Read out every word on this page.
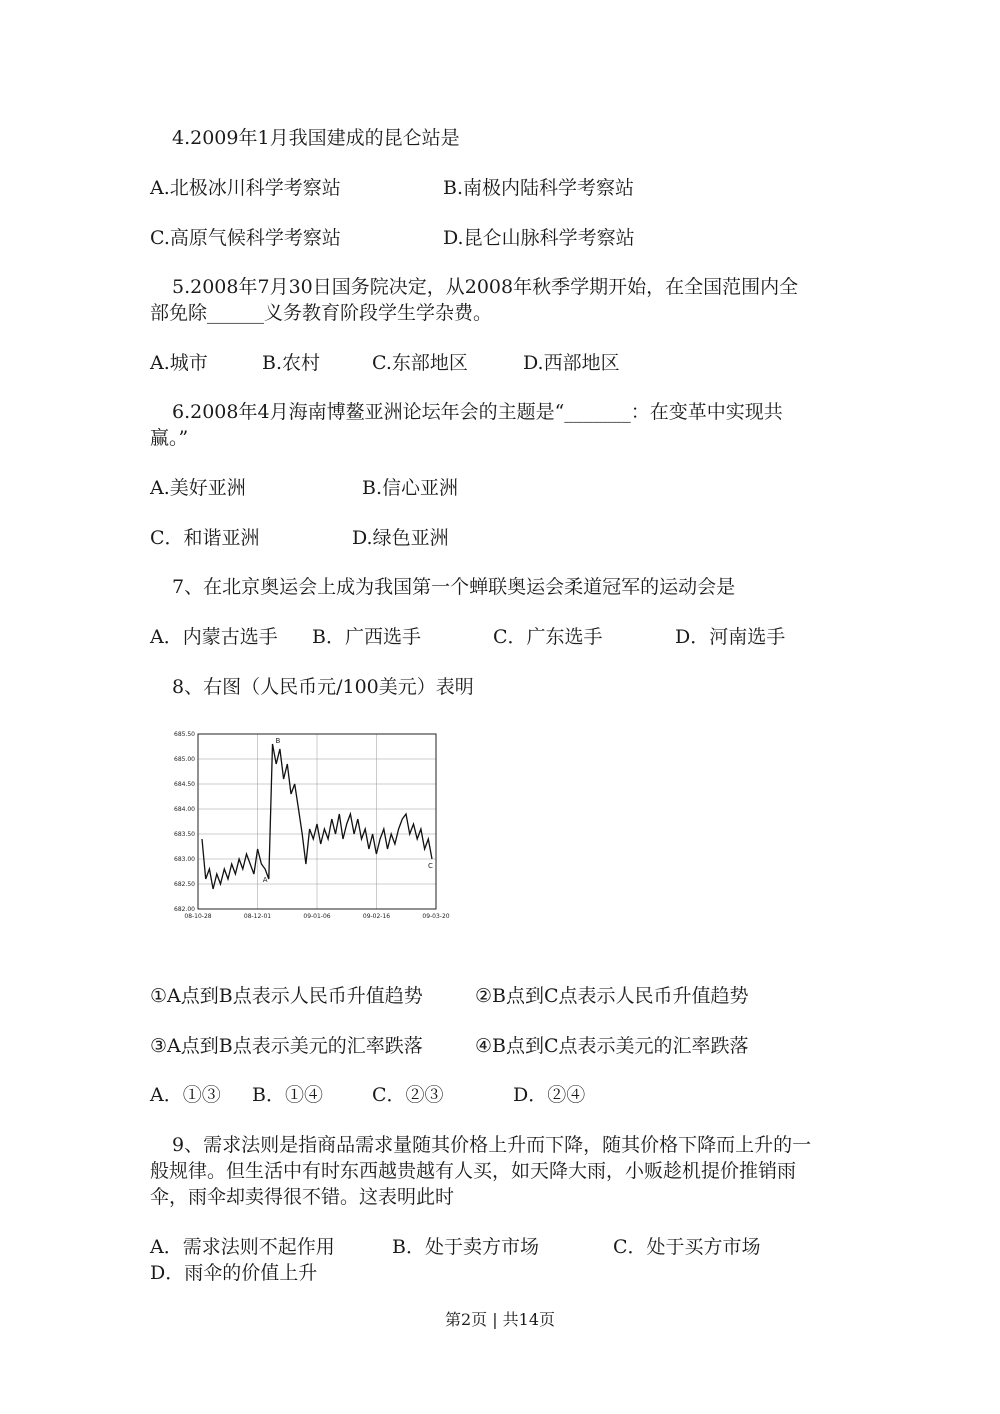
4.2009年1月我国建成的昆仑站是
A.北极冰川科学考察站	B.南极内陆科学考察站
C.高原气候科学考察站	D.昆仑山脉科学考察站
5.2008年7月30日国务院决定，从2008年秋季学期开始，在全国范围内全
部免除______义务教育阶段学生学杂费。
A.城市	B.农村	C.东部地区	D.西部地区
6.2008年4月海南博鳌亚洲论坛年会的主题是“_______：在变革中实现共
赢。”
A.美好亚洲	B.信心亚洲
C．和谐亚洲	D.绿色亚洲
7、在北京奥运会上成为我国第一个蝉联奥运会柔道冠军的运动会是
A．内蒙古选手 B．广西选手	C．广东选手	D．河南选手
8、右图（人民币元/100美元）表明
682.00
682.50
683.00
683.50
684.00
684.50
685.00
685.50
08-10-28	08-12-01	09-01-06	09-02-16	09-03-20
A
B
C
①A点到B点表示人民币升值趋势	②B点到C点表示人民币升值趋势
③A点到B点表示美元的汇率跌落	④B点到C点表示美元的汇率跌落
A．①③ B．①④	C．②③	D．②④
9、需求法则是指商品需求量随其价格上升而下降，随其价格下降而上升的一
般规律。但生活中有时东西越贵越有人买，如天降大雨，小贩趁机提价推销雨
伞，雨伞却卖得很不错。这表明此时
A．需求法则不起作用	B．处于卖方市场	C．处于买方市场
D．雨伞的价值上升
第2页 | 共14页
